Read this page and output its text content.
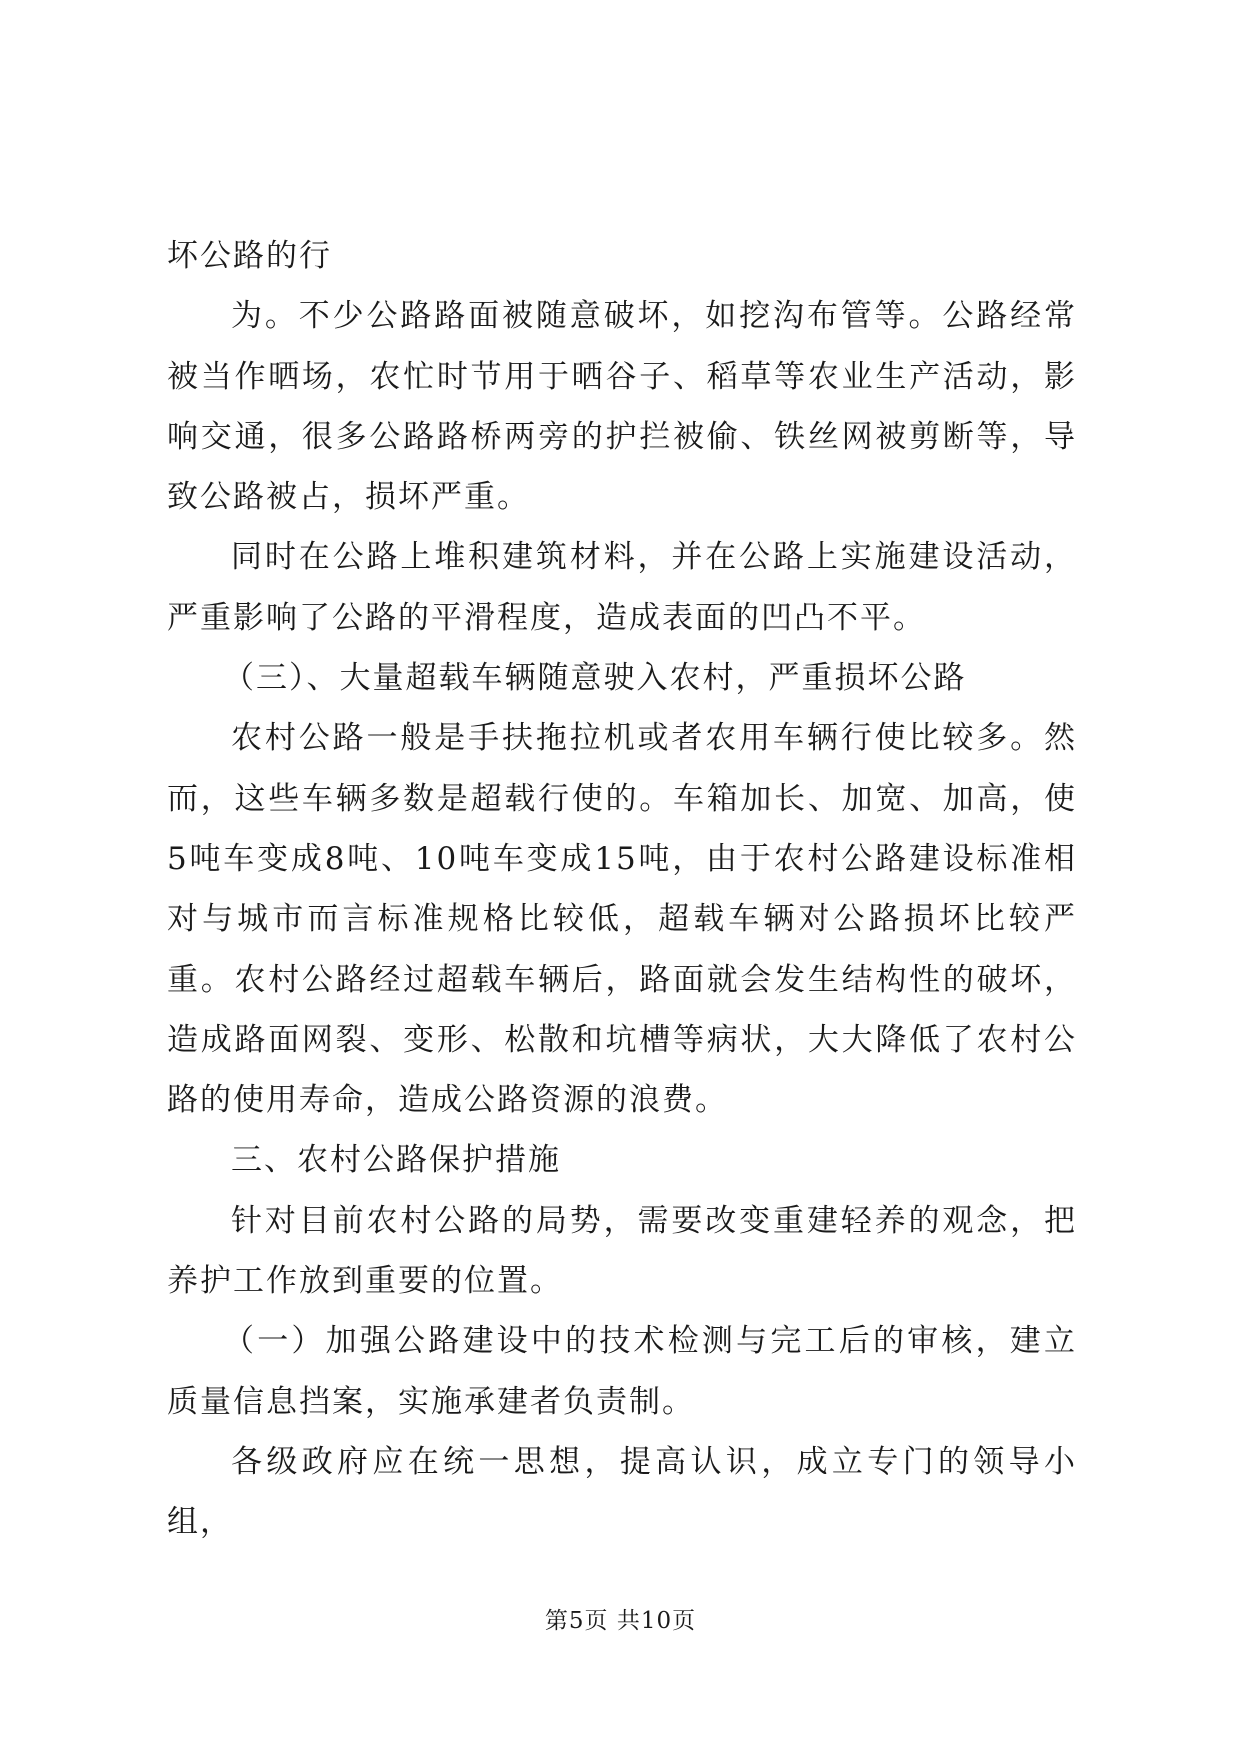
坏公路的行

为。不少公路路面被随意破坏，如挖沟布管等。公路经常被当作晒场，农忙时节用于晒谷子、稻草等农业生产活动，影响交通，很多公路路桥两旁的护拦被偷、铁丝网被剪断等，导致公路被占，损坏严重。

同时在公路上堆积建筑材料，并在公路上实施建设活动，严重影响了公路的平滑程度，造成表面的凹凸不平。

（三）、大量超载车辆随意驶入农村，严重损坏公路

农村公路一般是手扶拖拉机或者农用车辆行使比较多。然而，这些车辆多数是超载行使的。车箱加长、加宽、加高，使5吨车变成8吨、10吨车变成15吨，由于农村公路建设标准相对与城市而言标准规格比较低，超载车辆对公路损坏比较严重。农村公路经过超载车辆后，路面就会发生结构性的破坏，造成路面网裂、变形、松散和坑槽等病状，大大降低了农村公路的使用寿命，造成公路资源的浪费。

三、农村公路保护措施

针对目前农村公路的局势，需要改变重建轻养的观念，把养护工作放到重要的位置。

（一）加强公路建设中的技术检测与完工后的审核，建立质量信息挡案，实施承建者负责制。

各级政府应在统一思想，提高认识，成立专门的领导小组，

第5页 共10页
